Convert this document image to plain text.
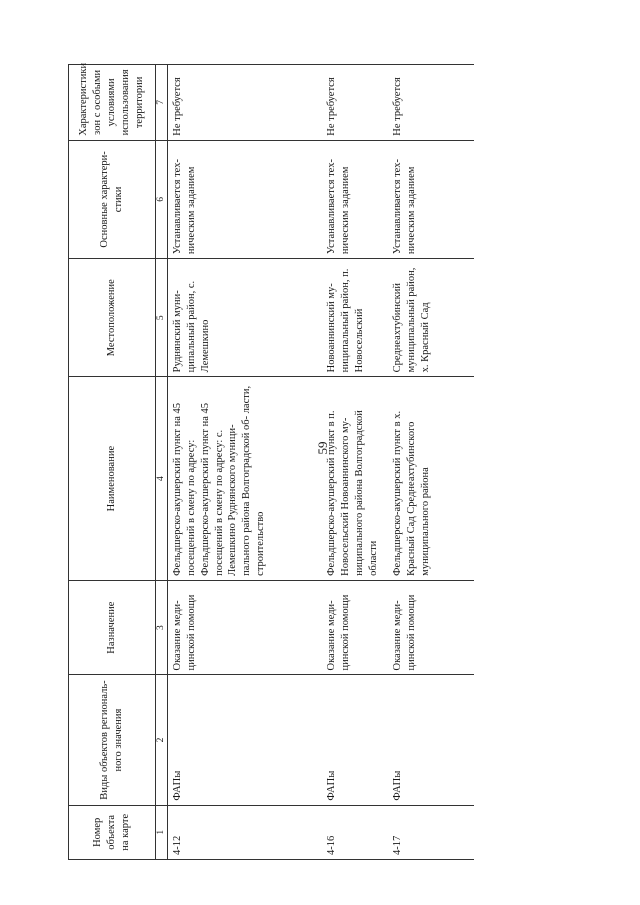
59
Номер объекта на карте	Виды объектов региональ- ного значения	Назначение	Наименование	Местоположение	Основные характери- стики	Характеристики зон с особыми условиями использования территории
1	2	3	4	5	6	7
4-12	ФАПы	Оказание меди- цинской помощи	Фельдшерско-акушерский пункт на 45 посещений в смену по адресу: Фельдшерско-акушерский пункт на 45 посещений в смену по адресу: с. Лемешкино Руднянского муници- пального района Волгоградской об- ласти, строительство	Руднянский муни- ципальный район, с. Лемешкино	Устанавливается тех- ническим заданием	Не требуется
4-16	ФАПы	Оказание меди- цинской помощи	Фельдшерско-акушерский пункт в п. Новосельский Новоаннинского му- ниципального района Волгоградской области	Новоаннинский му- ниципальный район, п. Новосельский	Устанавливается тех- ническим заданием	Не требуется
4-17	ФАПы	Оказание меди- цинской помощи	Фельдшерско-акушерский пункт в х. Красный Сад Среднеахтубинского муниципального района	Среднеахтубинский муниципальный район, х. Красный Сад	Устанавливается тех- ническим заданием	Не требуется
